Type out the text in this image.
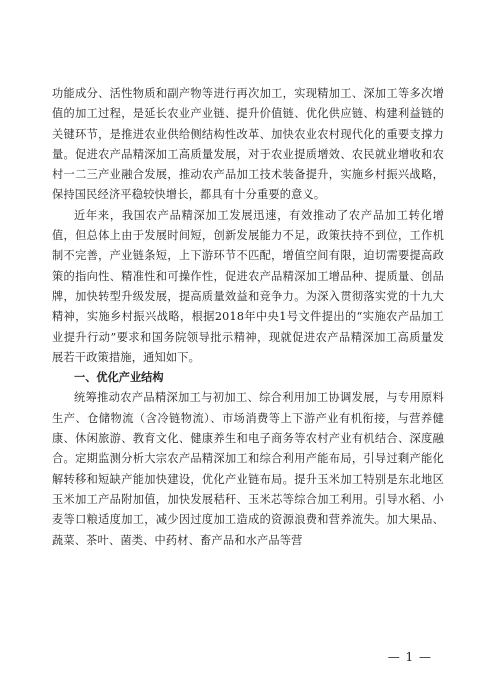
功能成分、活性物质和副产物等进行再次加工，实现精加工、深加工等多次增值的加工过程，是延长农业产业链、提升价值链、优化供应链、构建利益链的关键环节，是推进农业供给侧结构性改革、加快农业农村现代化的重要支撑力量。促进农产品精深加工高质量发展，对于农业提质增效、农民就业增收和农村一二三产业融合发展，推动农产品加工技术装备提升，实施乡村振兴战略，保持国民经济平稳较快增长，都具有十分重要的意义。

近年来，我国农产品精深加工发展迅速，有效推动了农产品加工转化增值，但总体上由于发展时间短，创新发展能力不足，政策扶持不到位，工作机制不完善，产业链条短，上下游环节不匹配，增值空间有限，迫切需要提高政策的指向性、精准性和可操作性，促进农产品精深加工增品种、提质量、创品牌，加快转型升级发展，提高质量效益和竞争力。为深入贯彻落实党的十九大精神，实施乡村振兴战略，根据2018年中央1号文件提出的“实施农产品加工业提升行动”要求和国务院领导批示精神，现就促进农产品精深加工高质量发展若干政策措施，通知如下。

一、优化产业结构

统筹推动农产品精深加工与初加工、综合利用加工协调发展，与专用原料生产、仓储物流（含冷链物流）、市场消费等上下游产业有机衔接，与营养健康、休闲旅游、教育文化、健康养生和电子商务等农村产业有机结合、深度融合。定期监测分析大宗农产品精深加工和综合利用产能布局，引导过剩产能化解转移和短缺产能加快建设，优化产业链布局。提升玉米加工特别是东北地区玉米加工产品附加值，加快发展秸秆、玉米芯等综合加工利用。引导水稻、小麦等口粮适度加工，减少因过度加工造成的资源浪费和营养流失。加大果品、蔬菜、茶叶、菌类、中药材、畜产品和水产品等营

— 1 —
